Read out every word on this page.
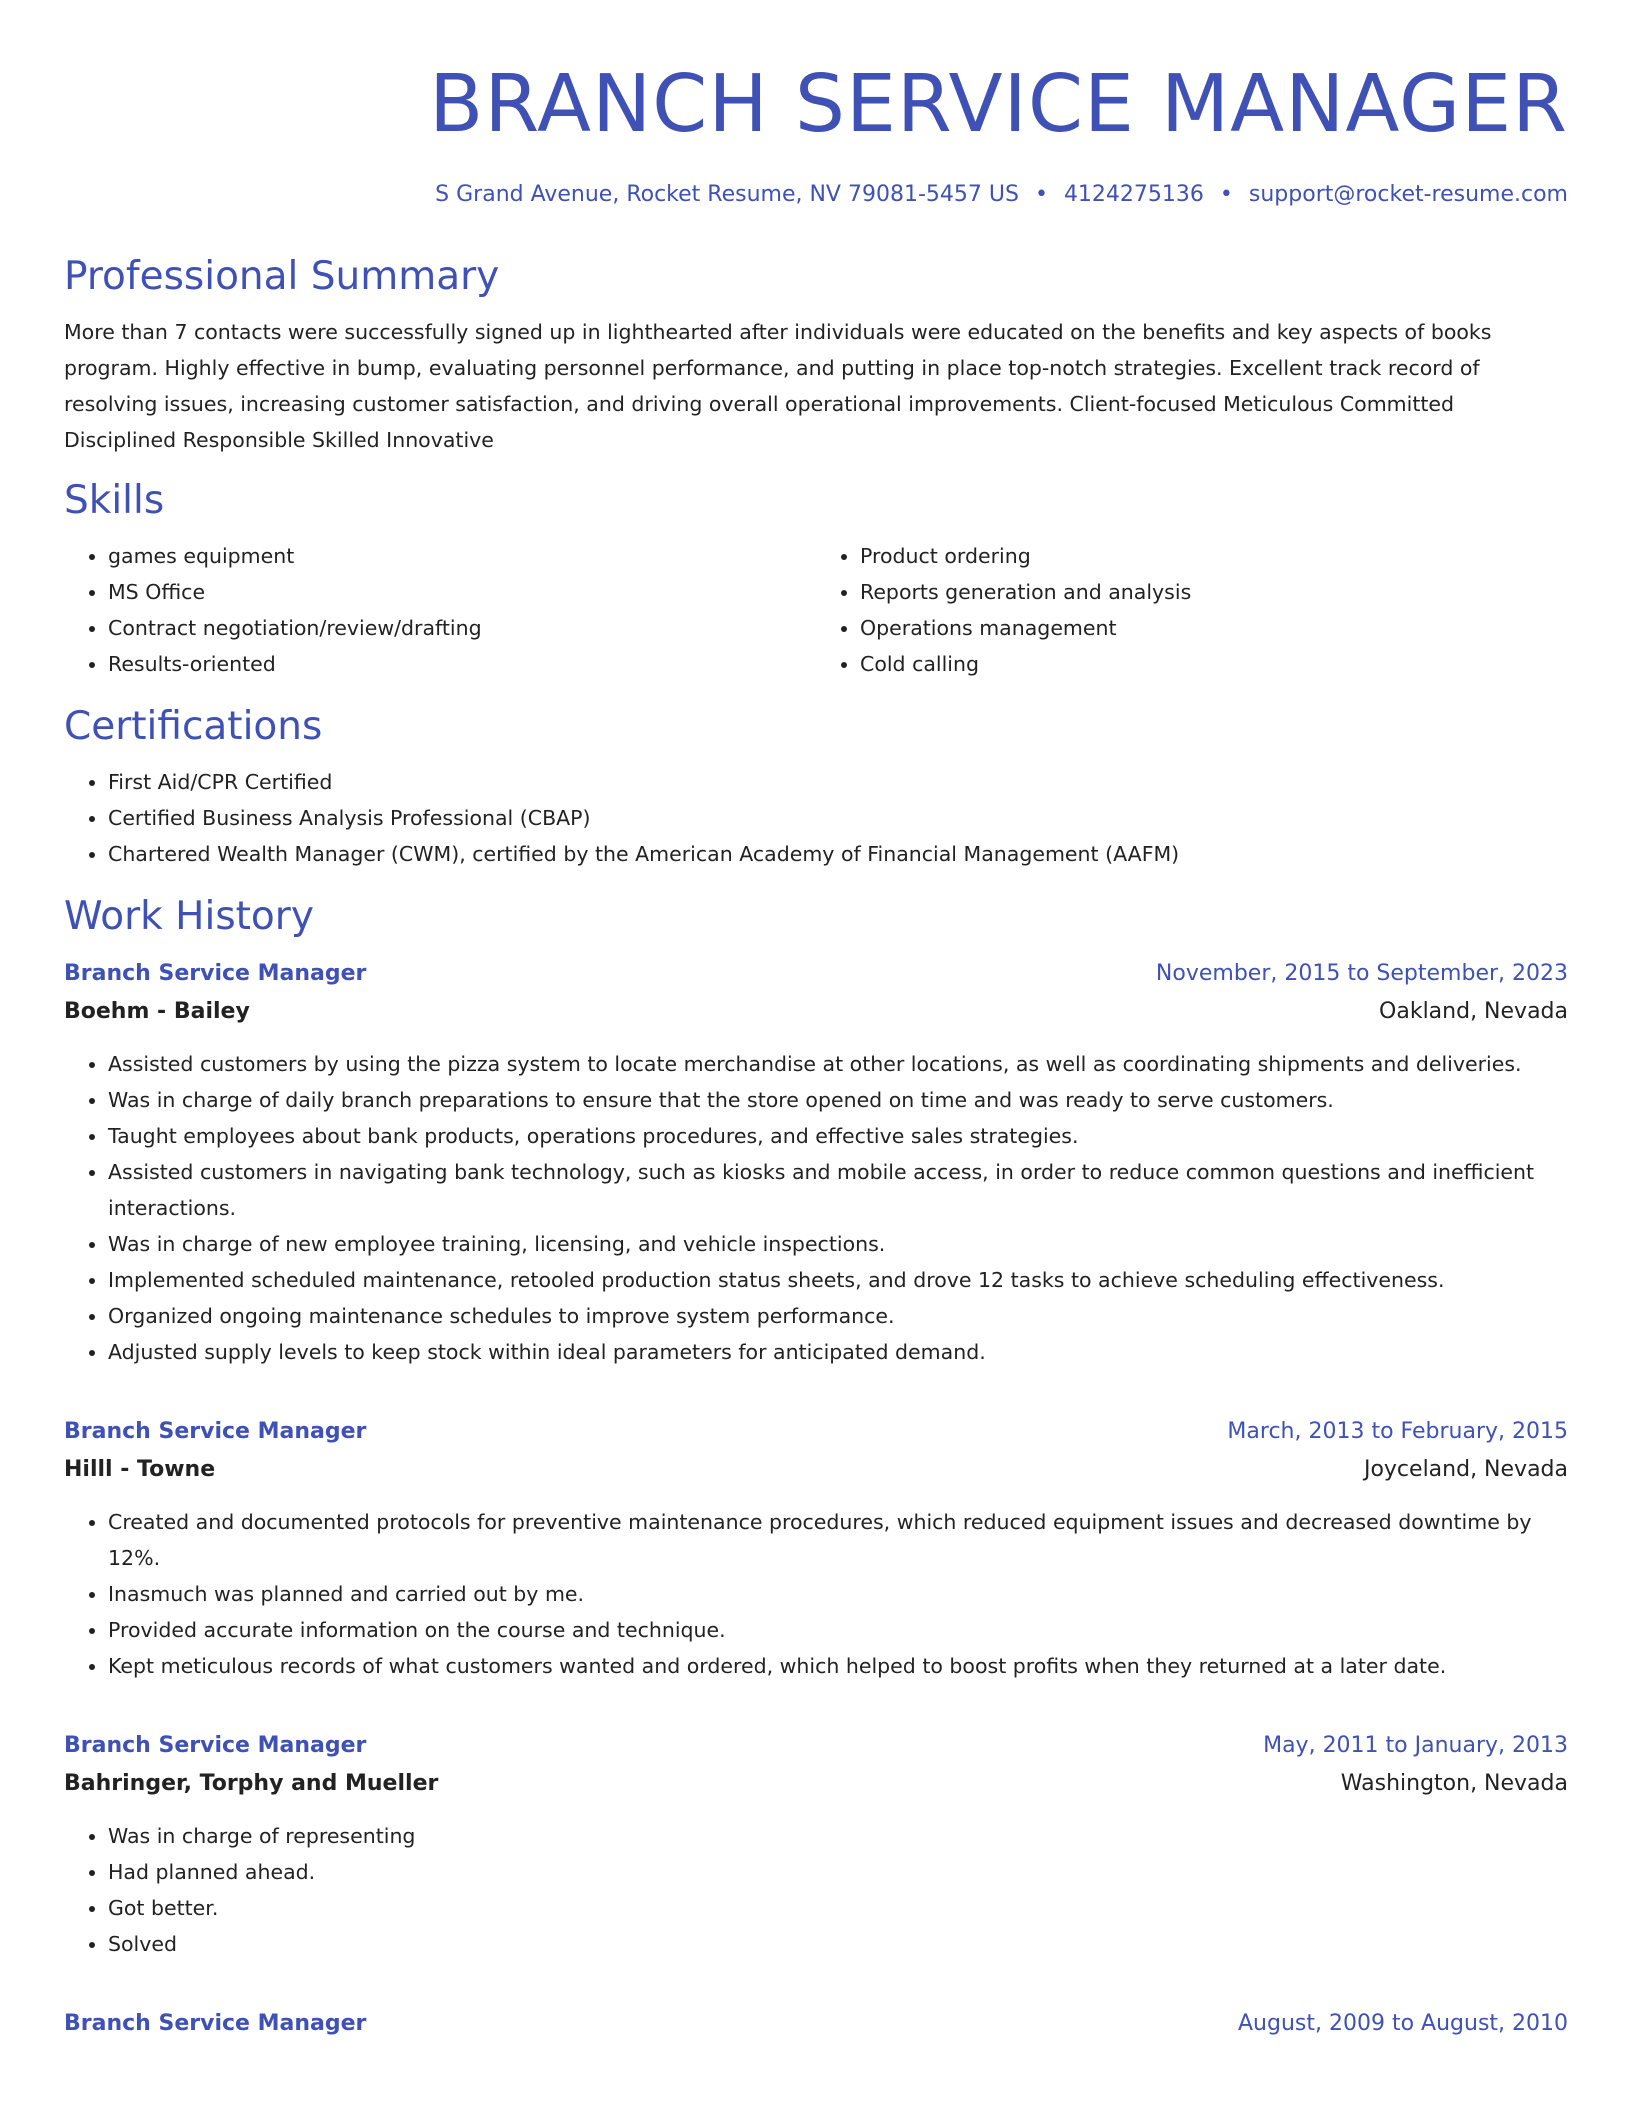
BRANCH SERVICE MANAGER
S Grand Avenue, Rocket Resume, NV 79081-5457 US • 4124275136 • support@rocket-resume.com
Professional Summary
More than 7 contacts were successfully signed up in lighthearted after individuals were educated on the benefits and key aspects of books program. Highly effective in bump, evaluating personnel performance, and putting in place top-notch strategies. Excellent track record of resolving issues, increasing customer satisfaction, and driving overall operational improvements. Client-focused Meticulous Committed Disciplined Responsible Skilled Innovative
Skills
• games equipment
• MS Office
• Contract negotiation/review/drafting
• Results-oriented
• Product ordering
• Reports generation and analysis
• Operations management
• Cold calling
Certifications
• First Aid/CPR Certified
• Certified Business Analysis Professional (CBAP)
• Chartered Wealth Manager (CWM), certified by the American Academy of Financial Management (AAFM)
Work History
Branch Service Manager	November, 2015 to September, 2023
Boehm - Bailey	Oakland, Nevada
• Assisted customers by using the pizza system to locate merchandise at other locations, as well as coordinating shipments and deliveries.
• Was in charge of daily branch preparations to ensure that the store opened on time and was ready to serve customers.
• Taught employees about bank products, operations procedures, and effective sales strategies.
• Assisted customers in navigating bank technology, such as kiosks and mobile access, in order to reduce common questions and inefficient interactions.
• Was in charge of new employee training, licensing, and vehicle inspections.
• Implemented scheduled maintenance, retooled production status sheets, and drove 12 tasks to achieve scheduling effectiveness.
• Organized ongoing maintenance schedules to improve system performance.
• Adjusted supply levels to keep stock within ideal parameters for anticipated demand.
Branch Service Manager	March, 2013 to February, 2015
Hilll - Towne	Joyceland, Nevada
• Created and documented protocols for preventive maintenance procedures, which reduced equipment issues and decreased downtime by 12%.
• Inasmuch was planned and carried out by me.
• Provided accurate information on the course and technique.
• Kept meticulous records of what customers wanted and ordered, which helped to boost profits when they returned at a later date.
Branch Service Manager	May, 2011 to January, 2013
Bahringer, Torphy and Mueller	Washington, Nevada
• Was in charge of representing
• Had planned ahead.
• Got better.
• Solved
Branch Service Manager	August, 2009 to August, 2010
